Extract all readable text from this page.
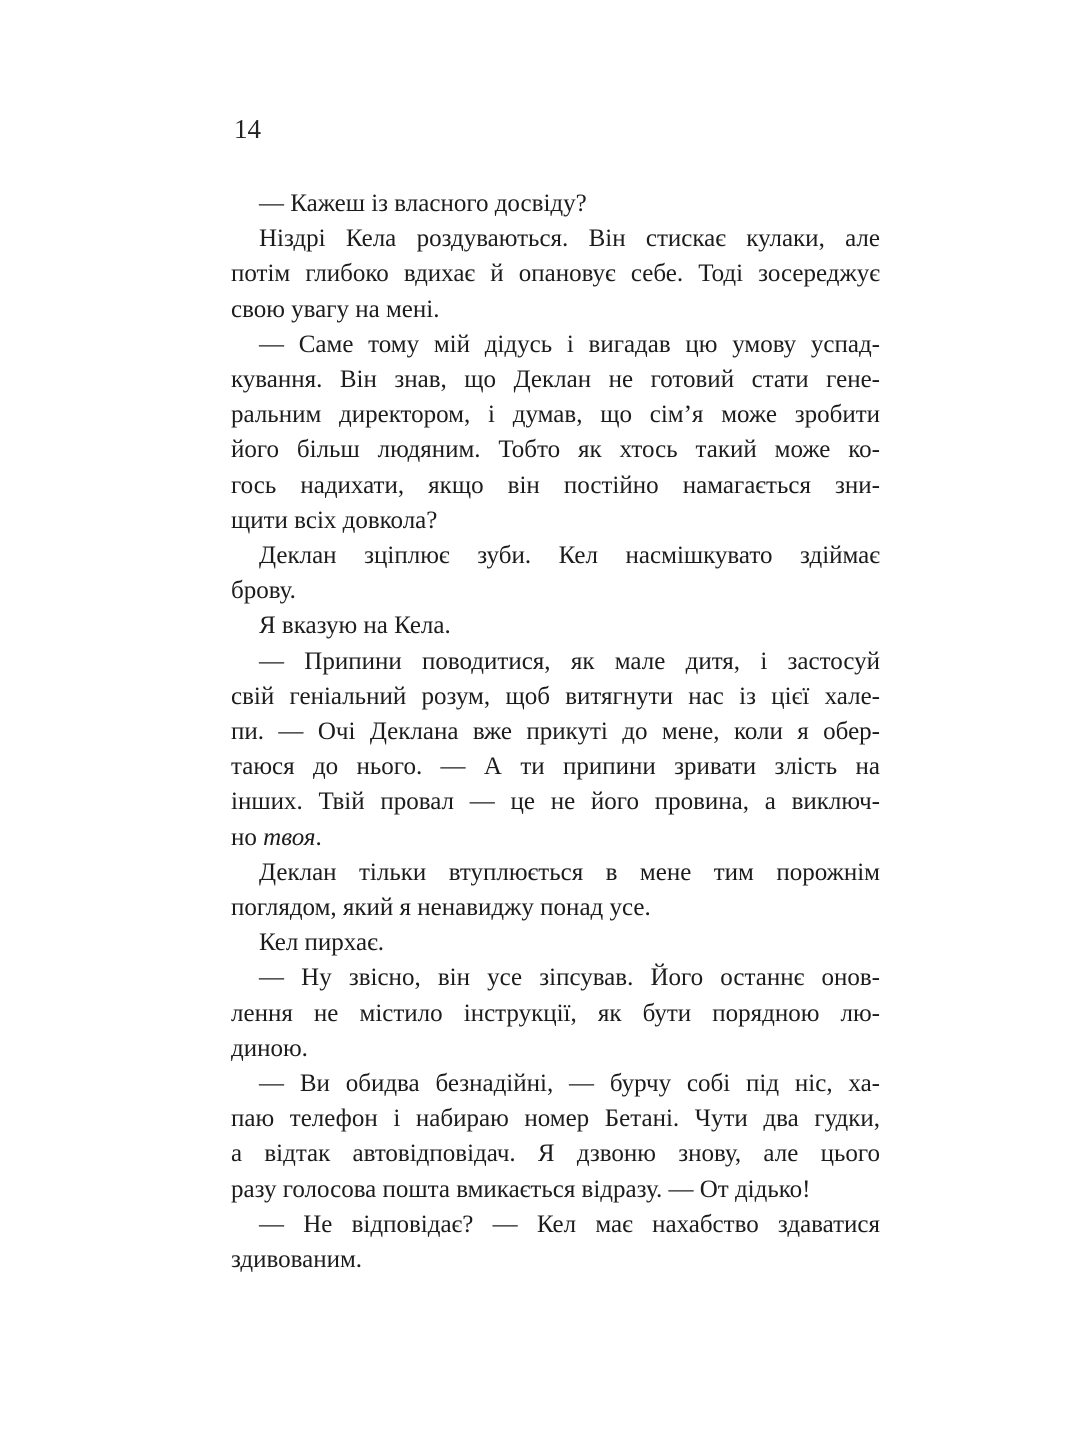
14
— Кажеш із власного досвіду?
Ніздрі Кела роздуваються. Він стискає кулаки, але
потім глибоко вдихає й опановує себе. Тоді зосереджує
свою увагу на мені.
— Саме тому мій дідусь і вигадав цю умову успад-
кування. Він знав, що Деклан не готовий стати гене-
ральним директором, і думав, що сім’я може зробити
його більш людяним. Тобто як хтось такий може ко-
гось надихати, якщо він постійно намагається зни-
щити всіх довкола?
Деклан зціплює зуби. Кел насмішкувато здіймає
брову.
Я вказую на Кела.
— Припини поводитися, як мале дитя, і застосуй
свій геніальний розум, щоб витягнути нас із цієї хале-
пи. — Очі Деклана вже прикуті до мене, коли я обер-
таюся до нього. — А ти припини зривати злість на
інших. Твій провал — це не його провина, а виключ-
но твоя.
Деклан тільки втуплюється в мене тим порожнім
поглядом, який я ненавиджу понад усе.
Кел пирхає.
— Ну звісно, він усе зіпсував. Його останнє онов-
лення не містило інструкції, як бути порядною лю-
диною.
— Ви обидва безнадійні, — бурчу собі під ніс, ха-
паю телефон і набираю номер Бетані. Чути два гудки,
а відтак автовідповідач. Я дзвоню знову, але цього
разу голосова пошта вмикається відразу. — От дідько!
— Не відповідає? — Кел має нахабство здаватися
здивованим.
